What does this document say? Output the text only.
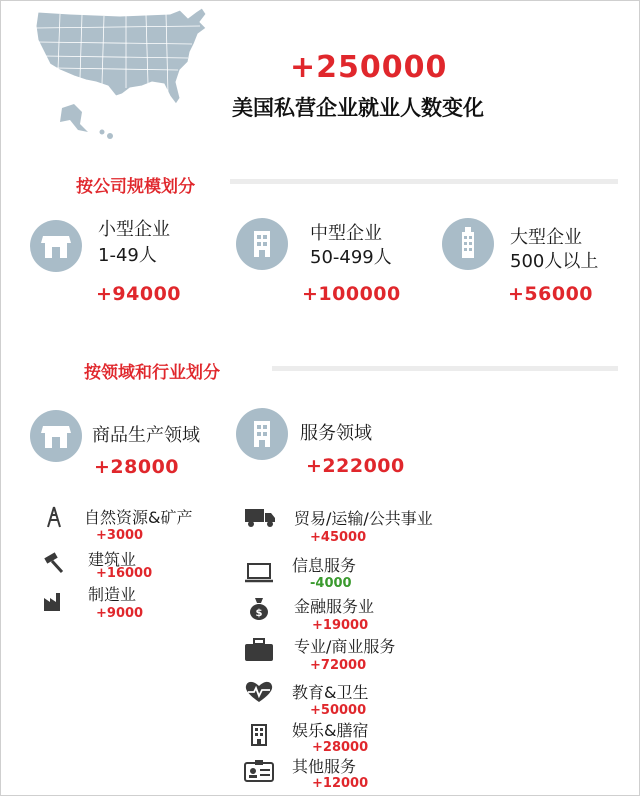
+250000
美国私营企业就业人数变化
按公司规模划分
小型企业
1-49人
+94000
中型企业
50-499人
+100000
大型企业
500人以上
+56000
按领域和行业划分
商品生产领域
+28000
服务领域
+222000
自然资源&矿产
+3000
建筑业
+16000
制造业
+9000
贸易/运输/公共事业
+45000
信息服务
-4000
$ 金融服务业
+19000
专业/商业服务
+72000
教育&卫生
+50000
娱乐&膳宿
+28000
其他服务
+12000
